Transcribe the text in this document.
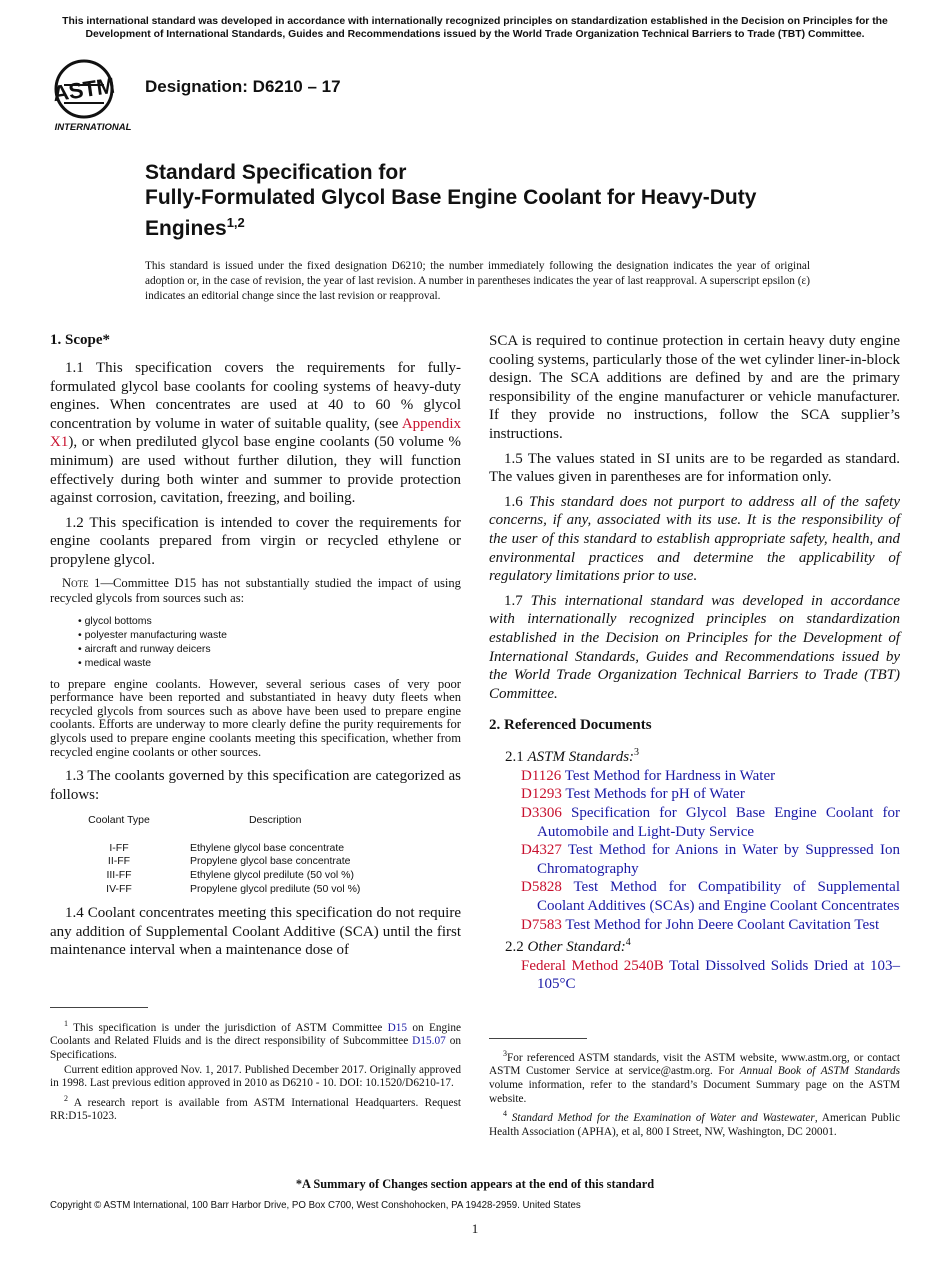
This international standard was developed in accordance with internationally recognized principles on standardization established in the Decision on Principles for the Development of International Standards, Guides and Recommendations issued by the World Trade Organization Technical Barriers to Trade (TBT) Committee.
ASTM
INTERNATIONAL
Designation: D6210 – 17
Standard Specification for
Fully-Formulated Glycol Base Engine Coolant for Heavy-Duty Engines$^{1,2}$
This standard is issued under the fixed designation D6210; the number immediately following the designation indicates the year of original adoption or, in the case of revision, the year of last revision. A number in parentheses indicates the year of last reapproval. A superscript epsilon (ε) indicates an editorial change since the last revision or reapproval.
1. Scope*

1.1 This specification covers the requirements for fully-formulated glycol base coolants for cooling systems of heavy-duty engines. When concentrates are used at 40 to 60 % glycol concentration by volume in water of suitable quality, (see Appendix X1), or when prediluted glycol base engine coolants (50 volume % minimum) are used without further dilution, they will function effectively during both winter and summer to provide protection against corrosion, cavitation, freezing, and boiling.

1.2 This specification is intended to cover the requirements for engine coolants prepared from virgin or recycled ethylene or propylene glycol.

Note 1—Committee D15 has not substantially studied the impact of using recycled glycols from sources such as:
• glycol bottoms
• polyester manufacturing waste
• aircraft and runway deicers
• medical waste
to prepare engine coolants. However, several serious cases of very poor performance have been reported and substantiated in heavy duty fleets when recycled glycols from sources such as above have been used to prepare engine coolants. Efforts are underway to more clearly define the purity requirements for glycols used to prepare engine coolants meeting this specification, whether from recycled engine coolants or other sources.

1.3 The coolants governed by this specification are categorized as follows:

Coolant Type	Description
I-FF	Ethylene glycol base concentrate
II-FF	Propylene glycol base concentrate
III-FF	Ethylene glycol predilute (50 vol %)
IV-FF	Propylene glycol predilute (50 vol %)

1.4 Coolant concentrates meeting this specification do not require any addition of Supplemental Coolant Additive (SCA) until the first maintenance interval when a maintenance dose of

$^1$ This specification is under the jurisdiction of ASTM Committee D15 on Engine Coolants and Related Fluids and is the direct responsibility of Subcommittee D15.07 on Specifications.

Current edition approved Nov. 1, 2017. Published December 2017. Originally approved in 1998. Last previous edition approved in 2010 as D6210 - 10. DOI: 10.1520/D6210-17.

$^2$ A research report is available from ASTM International Headquarters. Request RR:D15-1023.

SCA is required to continue protection in certain heavy duty engine cooling systems, particularly those of the wet cylinder liner-in-block design. The SCA additions are defined by and are the primary responsibility of the engine manufacturer or vehicle manufacturer. If they provide no instructions, follow the SCA supplier’s instructions.

1.5 The values stated in SI units are to be regarded as standard. The values given in parentheses are for information only.

1.6 This standard does not purport to address all of the safety concerns, if any, associated with its use. It is the responsibility of the user of this standard to establish appropriate safety, health, and environmental practices and determine the applicability of regulatory limitations prior to use.

1.7 This international standard was developed in accordance with internationally recognized principles on standardization established in the Decision on Principles for the Development of International Standards, Guides and Recommendations issued by the World Trade Organization Technical Barriers to Trade (TBT) Committee.

2. Referenced Documents
2.1 ASTM Standards:$^3$
D1126 Test Method for Hardness in Water
D1293 Test Methods for pH of Water
D3306 Specification for Glycol Base Engine Coolant for Automobile and Light-Duty Service
D4327 Test Method for Anions in Water by Suppressed Ion Chromatography
D5828 Test Method for Compatibility of Supplemental Coolant Additives (SCAs) and Engine Coolant Concentrates
D7583 Test Method for John Deere Coolant Cavitation Test
2.2 Other Standard:$^4$
Federal Method 2540B Total Dissolved Solids Dried at 103–105°C

$^3$For referenced ASTM standards, visit the ASTM website, www.astm.org, or contact ASTM Customer Service at service@astm.org. For Annual Book of ASTM Standards volume information, refer to the standard’s Document Summary page on the ASTM website.

$^4$ Standard Method for the Examination of Water and Wastewater, American Public Health Association (APHA), et al, 800 I Street, NW, Washington, DC 20001.

*A Summary of Changes section appears at the end of this standard
Copyright © ASTM International, 100 Barr Harbor Drive, PO Box C700, West Conshohocken, PA 19428-2959. United States
1
